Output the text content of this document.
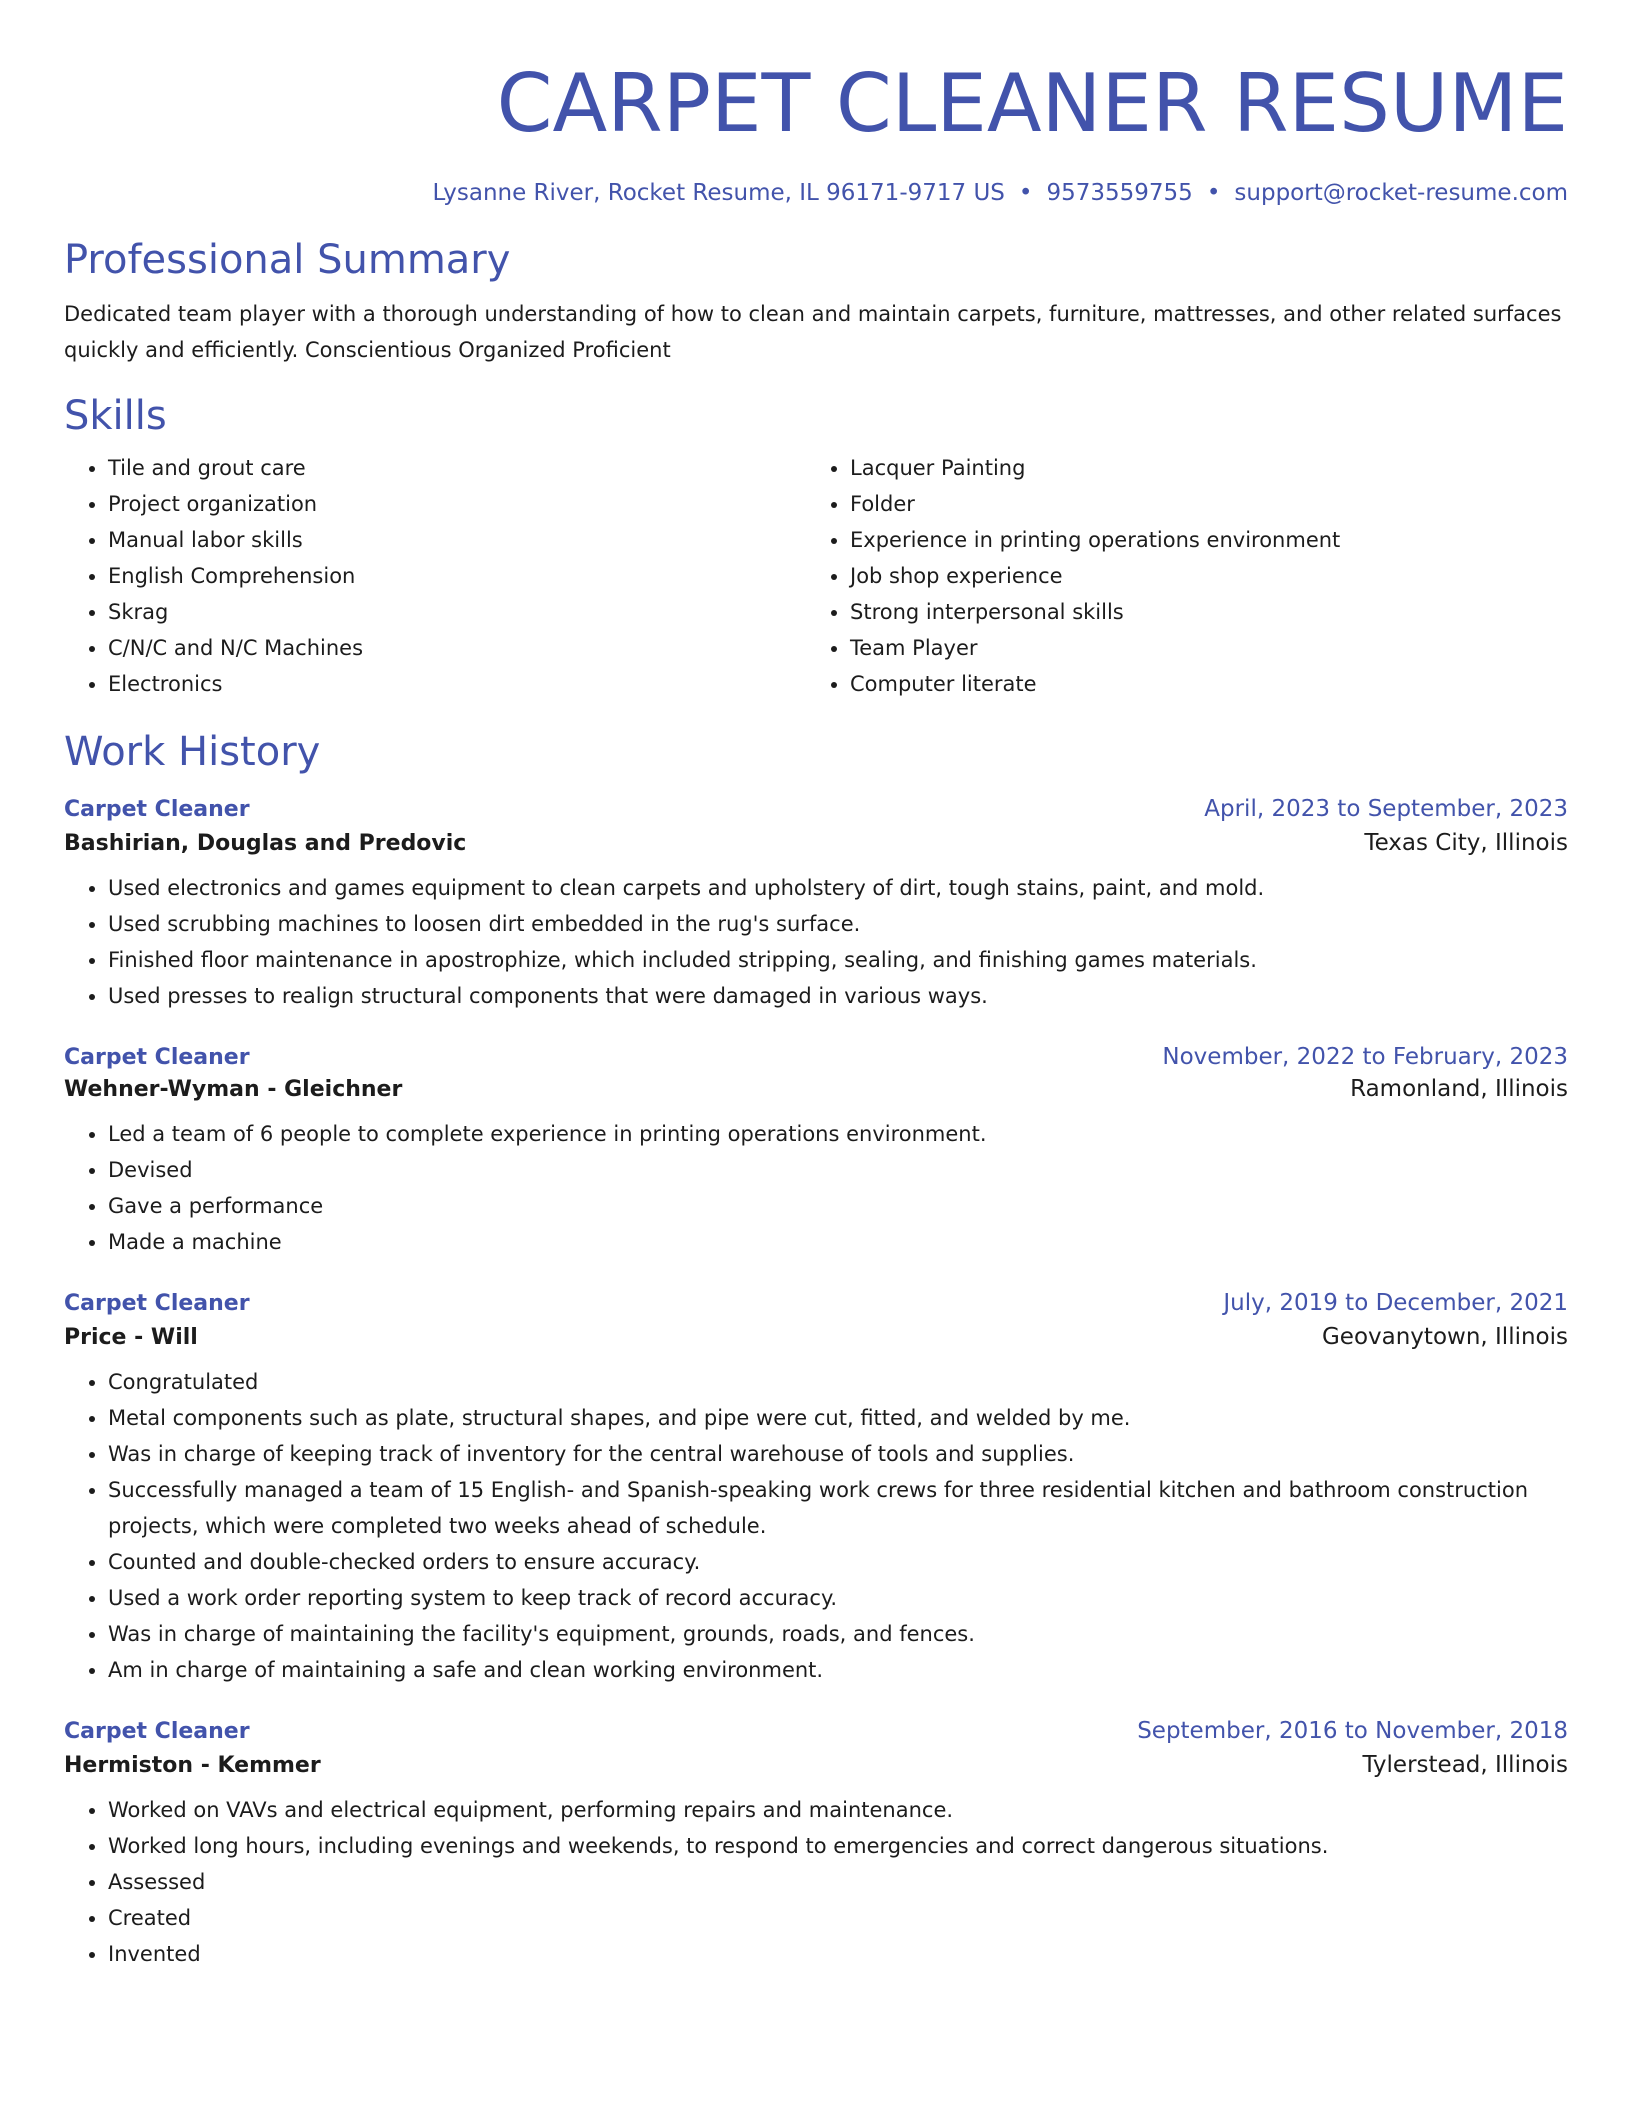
CARPET CLEANER RESUME
Lysanne River, Rocket Resume, IL 96171-9717 US • 9573559755 • support@rocket-resume.com
Professional Summary
Dedicated team player with a thorough understanding of how to clean and maintain carpets, furniture, mattresses, and other related surfaces quickly and efficiently. Conscientious Organized Proficient
Skills
• Tile and grout care
• Project organization
• Manual labor skills
• English Comprehension
• Skrag
• C/N/C and N/C Machines
• Electronics
• Lacquer Painting
• Folder
• Experience in printing operations environment
• Job shop experience
• Strong interpersonal skills
• Team Player
• Computer literate
Work History
Carpet Cleaner	April, 2023 to September, 2023
Bashirian, Douglas and Predovic	Texas City, Illinois
• Used electronics and games equipment to clean carpets and upholstery of dirt, tough stains, paint, and mold.
• Used scrubbing machines to loosen dirt embedded in the rug's surface.
• Finished floor maintenance in apostrophize, which included stripping, sealing, and finishing games materials.
• Used presses to realign structural components that were damaged in various ways.
Carpet Cleaner	November, 2022 to February, 2023
Wehner-Wyman - Gleichner	Ramonland, Illinois
• Led a team of 6 people to complete experience in printing operations environment.
• Devised
• Gave a performance
• Made a machine
Carpet Cleaner	July, 2019 to December, 2021
Price - Will	Geovanytown, Illinois
• Congratulated
• Metal components such as plate, structural shapes, and pipe were cut, fitted, and welded by me.
• Was in charge of keeping track of inventory for the central warehouse of tools and supplies.
• Successfully managed a team of 15 English- and Spanish-speaking work crews for three residential kitchen and bathroom construction projects, which were completed two weeks ahead of schedule.
• Counted and double-checked orders to ensure accuracy.
• Used a work order reporting system to keep track of record accuracy.
• Was in charge of maintaining the facility's equipment, grounds, roads, and fences.
• Am in charge of maintaining a safe and clean working environment.
Carpet Cleaner	September, 2016 to November, 2018
Hermiston - Kemmer	Tylerstead, Illinois
• Worked on VAVs and electrical equipment, performing repairs and maintenance.
• Worked long hours, including evenings and weekends, to respond to emergencies and correct dangerous situations.
• Assessed
• Created
• Invented
